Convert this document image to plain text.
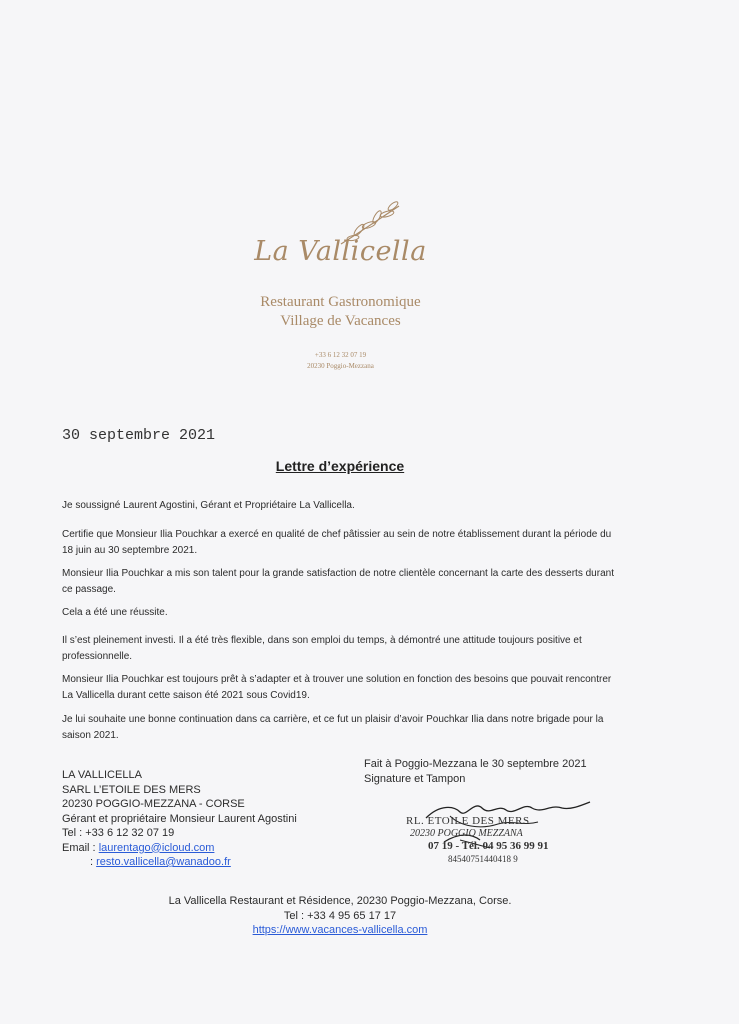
La Vallicella
Restaurant Gastronomique
Village de Vacances
+33 6 12 32 07 19
20230 Poggio-Mezzana
30 septembre 2021
Lettre d’expérience
Je soussigné Laurent Agostini, Gérant et Propriétaire La Vallicella.
Certifie que Monsieur Ilia Pouchkar a exercé en qualité de chef pâtissier au sein de notre établissement durant la période du 18 juin au 30 septembre 2021.
Monsieur Ilia Pouchkar a mis son talent pour la grande satisfaction de notre clientèle concernant la carte des desserts durant ce passage.
Cela a été une réussite.
Il s’est pleinement investi. Il a été très flexible, dans son emploi du temps, à démontré une attitude toujours positive et professionnelle.
Monsieur Ilia Pouchkar est toujours prêt à s’adapter et à trouver une solution en fonction des besoins que pouvait rencontrer La Vallicella durant cette saison été 2021 sous Covid19.
Je lui souhaite une bonne continuation dans ca carrière, et ce fut un plaisir d’avoir Pouchkar Ilia dans notre brigade pour la saison 2021.
LA VALLICELLA
SARL L’ETOILE DES MERS
20230 POGGIO-MEZZANA - CORSE
Gérant et propriétaire Monsieur Laurent Agostini
Tel : +33 6 12 32 07 19
Email : laurentago@icloud.com
: resto.vallicella@wanadoo.fr
Fait à Poggio-Mezzana le 30 septembre 2021
Signature et Tampon
RL. ETOILE DES MERS
20230 POGGIO MEZZANA
07 19 - Tél. 04 95 36 99 91
84540751440418 9
La Vallicella Restaurant et Résidence, 20230 Poggio-Mezzana, Corse.
Tel : +33 4 95 65 17 17
https://www.vacances-vallicella.com
